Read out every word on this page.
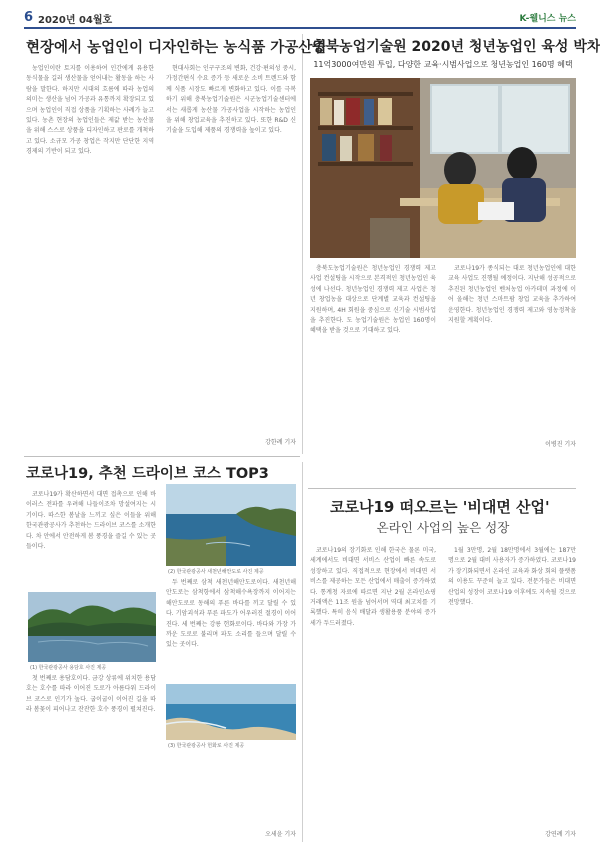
6 2020년 04월호	K-웰니스 뉴스
현장에서 농업인이 디자인하는 농식품 가공산업

농업인이란 토지를 이용하여 인간에게 유용한 동식물을 길러 생산물을 얻어내는 활동을 하는 사람을 말한다. 하지만 시대의 흐름에 따라 농업의 의미는 생산을 넘어 가공과 유통까지 확장되고 있으며 농업인이 직접 상품을 기획하는 사례가 늘고 있다. 농촌 현장의 농업인들은 제값 받는 농산물을 위해 스스로 상품을 디자인하고 판로를 개척하고 있다. 소규모 가공 창업은 작지만 단단한 지역 경제의 기반이 되고 있다.

현대사회는 인구구조의 변화, 건강·편의성 중시, 가정간편식 수요 증가 등 새로운 소비 트렌드와 함께 식품 시장도 빠르게 변화하고 있다. 이를 극복하기 위해 충북농업기술원은 시군농업기술센터에서는 새롭게 농산물 가공사업을 시작하는 농업인을 위해 창업교육을 추진하고 있다. 또한 R&D 신기술을 도입해 제품의 경쟁력을 높이고 있다.

강한례 기자
충북농업기술원 2020년 청년농업인 육성 박차
11억3000여만원 투입, 다양한 교육·시범사업으로 청년농업인 160명 혜택

충북도농업기술원은 청년농업인 경쟁력 제고 사업 컨설팅을 시작으로 본격적인 청년농업인 육성에 나선다. 청년농업인 경쟁력 제고 사업은 청년 창업농을 대상으로 단계별 교육과 컨설팅을 지원하며, 4H 회원을 중심으로 신기술 시범사업을 추진한다. 도 농업기술원은 농업인 160명이 혜택을 받을 것으로 기대하고 있다.

코로나19가 종식되는 대로 청년농업인에 대한 교육 사업도 진행될 예정이다. 지난해 성공적으로 추진된 청년농업인 벤처농업 아카데미 과정에 이어 올해는 청년 스마트팜 창업 교육을 추가하여 운영한다. 청년농업인 경쟁력 제고와 영농정착을 지원할 계획이다.

이병진 기자
코로나19, 추천 드라이브 코스 TOP3

코로나19가 확산하면서 대면 접촉으로 인해 바이러스 전파를 우려해 나들이조차 망설여지는 시기이다. 따스한 봄날을 느끼고 싶은 이들을 위해 한국관광공사가 추천하는 드라이브 코스를 소개한다. 차 안에서 안전하게 봄 풍경을 즐길 수 있는 곳들이다.

(1) 한국관광공사 용담호 사진 제공

첫 번째로 용담호이다. 금강 상류에 위치한 용담호는 호수를 따라 이어진 도로가 아름다워 드라이브 코스로 인기가 높다. 굽이굽이 이어진 길을 따라 봄꽃이 피어나고 잔잔한 호수 풍경이 펼쳐진다.

(2) 한국관광공사 새천년해안도로 사진 제공

두 번째로 삼척 새천년해안도로이다. 새천년해안도로는 삼척항에서 삼척해수욕장까지 이어지는 해안도로로 동해의 푸른 바다를 끼고 달릴 수 있다. 기암괴석과 푸른 파도가 어우러진 절경이 이어진다. 세 번째는 강릉 헌화로이다. 바다와 가장 가까운 도로로 불리며 파도 소리를 들으며 달릴 수 있는 곳이다.

(3) 한국관광공사 헌화로 사진 제공

오세윤 기자
코로나19 떠오르는 '비대면 산업'
온라인 사업의 높은 성장

코로나19의 장기화로 인해 한국은 물론 미국, 세계에서도 비대면 서비스 산업이 빠른 속도로 성장하고 있다. 직접적으로 현장에서 비대면 서비스를 제공하는 모든 산업에서 매출이 증가하였다. 통계청 자료에 따르면 지난 2월 온라인쇼핑 거래액은 11조 원을 넘어서며 역대 최고치를 기록했다. 특히 음식 배달과 생활용품 분야의 증가세가 두드러졌다.

1월 3만명, 2월 18만명에서 3월에는 187만 명으로 2월 대비 사용자가 증가하였다. 코로나19가 장기화되면서 온라인 교육과 화상 회의 플랫폼의 이용도 꾸준히 늘고 있다. 전문가들은 비대면 산업의 성장이 코로나19 이후에도 지속될 것으로 전망했다.

강연례 기자
